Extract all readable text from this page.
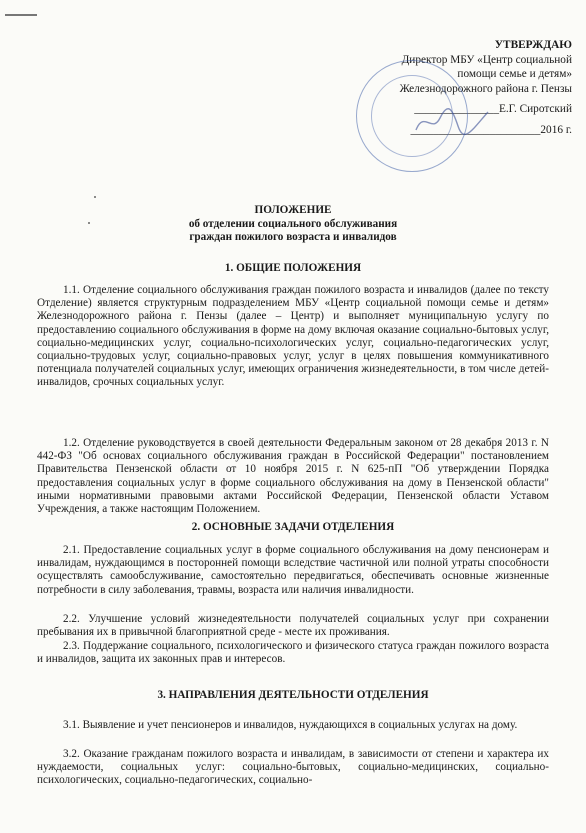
УТВЕРЖДАЮ
Директор МБУ «Центр социальной
помощи семье и детям»
Железнодорожного района г. Пензы
_______________Е.Г. Сиротский
_______________________2016 г.
ПОЛОЖЕНИЕ
об отделении социального обслуживания
граждан пожилого возраста и инвалидов
1. ОБЩИЕ ПОЛОЖЕНИЯ
1.1. Отделение социального обслуживания граждан пожилого возраста и инвалидов (далее по тексту Отделение) является структурным подразделением МБУ «Центр социальной помощи семье и детям» Железнодорожного района г. Пензы (далее – Центр) и выполняет муниципальную услугу по предоставлению социального обслуживания в форме на дому включая оказание социально-бытовых услуг, социально-медицинских услуг, социально-психологических услуг, социально-педагогических услуг, социально-трудовых услуг, социально-правовых услуг, услуг в целях повышения коммуникативного потенциала получателей социальных услуг, имеющих ограничения жизнедеятельности, в том числе детей-инвалидов, срочных социальных услуг.
1.2. Отделение руководствуется в своей деятельности Федеральным законом от 28 декабря 2013 г. N 442-ФЗ "Об основах социального обслуживания граждан в Российской Федерации" постановлением Правительства Пензенской области от 10 ноября 2015 г. N 625-пП "Об утверждении Порядка предоставления социальных услуг в форме социального обслуживания на дому в Пензенской области" иными нормативными правовыми актами Российской Федерации, Пензенской области Уставом Учреждения, а также настоящим Положением.
2. ОСНОВНЫЕ ЗАДАЧИ ОТДЕЛЕНИЯ
2.1. Предоставление социальных услуг в форме социального обслуживания на дому пенсионерам и инвалидам, нуждающимся в посторонней помощи вследствие частичной или полной утраты способности осуществлять самообслуживание, самостоятельно передвигаться, обеспечивать основные жизненные потребности в силу заболевания, травмы, возраста или наличия инвалидности.
2.2. Улучшение условий жизнедеятельности получателей социальных услуг при сохранении пребывания их в привычной благоприятной среде - месте их проживания.
2.3. Поддержание социального, психологического и физического статуса граждан пожилого возраста и инвалидов, защита их законных прав и интересов.
3. НАПРАВЛЕНИЯ ДЕЯТЕЛЬНОСТИ ОТДЕЛЕНИЯ
3.1. Выявление и учет пенсионеров и инвалидов, нуждающихся в социальных услугах на дому.
3.2. Оказание гражданам пожилого возраста и инвалидам, в зависимости от степени и характера их нуждаемости, социальных услуг: социально-бытовых, социально-медицинских, социально-психологических, социально-педагогических, социально-
